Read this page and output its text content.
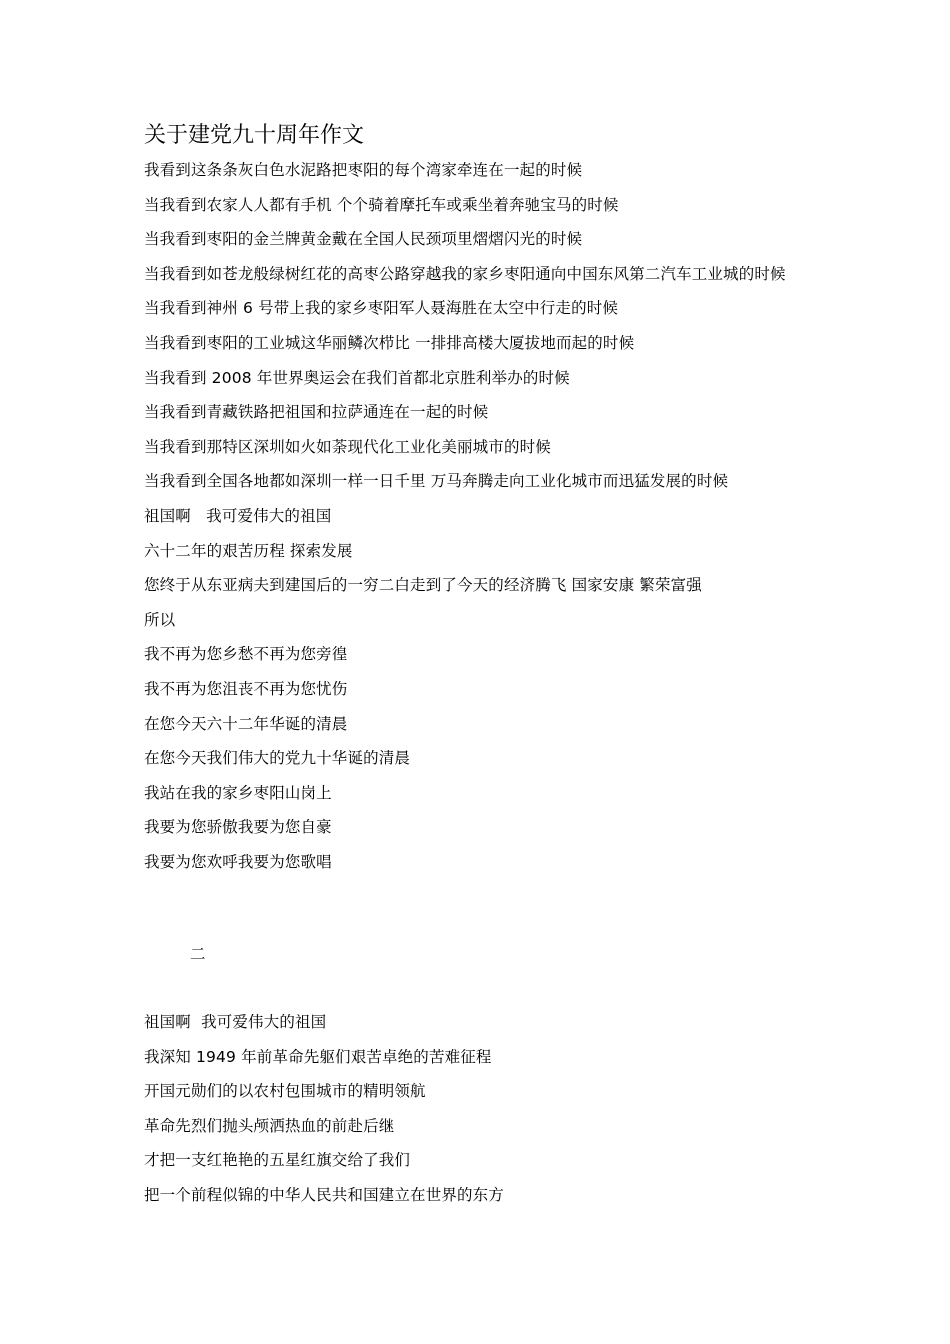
关于建党九十周年作文
我看到这条条灰白色水泥路把枣阳的每个湾家牵连在一起的时候
当我看到农家人人都有手机 个个骑着摩托车或乘坐着奔驰宝马的时候
当我看到枣阳的金兰牌黄金戴在全国人民颈项里熠熠闪光的时候
当我看到如苍龙般绿树红花的高枣公路穿越我的家乡枣阳通向中国东风第二汽车工业城的时候
当我看到神州 6 号带上我的家乡枣阳军人聂海胜在太空中行走的时候
当我看到枣阳的工业城这华丽鳞次栉比 一排排高楼大厦拔地而起的时候
当我看到 2008 年世界奥运会在我们首都北京胜利举办的时候
当我看到青藏铁路把祖国和拉萨通连在一起的时候
当我看到那特区深圳如火如荼现代化工业化美丽城市的时候
当我看到全国各地都如深圳一样一日千里 万马奔腾走向工业化城市而迅猛发展的时候
祖国啊   我可爱伟大的祖国
六十二年的艰苦历程 探索发展
您终于从东亚病夫到建国后的一穷二白走到了今天的经济腾飞 国家安康 繁荣富强
所以
我不再为您乡愁不再为您旁徨
我不再为您沮丧不再为您忧伤
在您今天六十二年华诞的清晨
在您今天我们伟大的党九十华诞的清晨
我站在我的家乡枣阳山岗上
我要为您骄傲我要为您自豪
我要为您欢呼我要为您歌唱
二
祖国啊  我可爱伟大的祖国
我深知 1949 年前革命先躯们艰苦卓绝的苦难征程
开国元勋们的以农村包围城市的精明领航
革命先烈们抛头颅洒热血的前赴后继
才把一支红艳艳的五星红旗交给了我们
把一个前程似锦的中华人民共和国建立在世界的东方
